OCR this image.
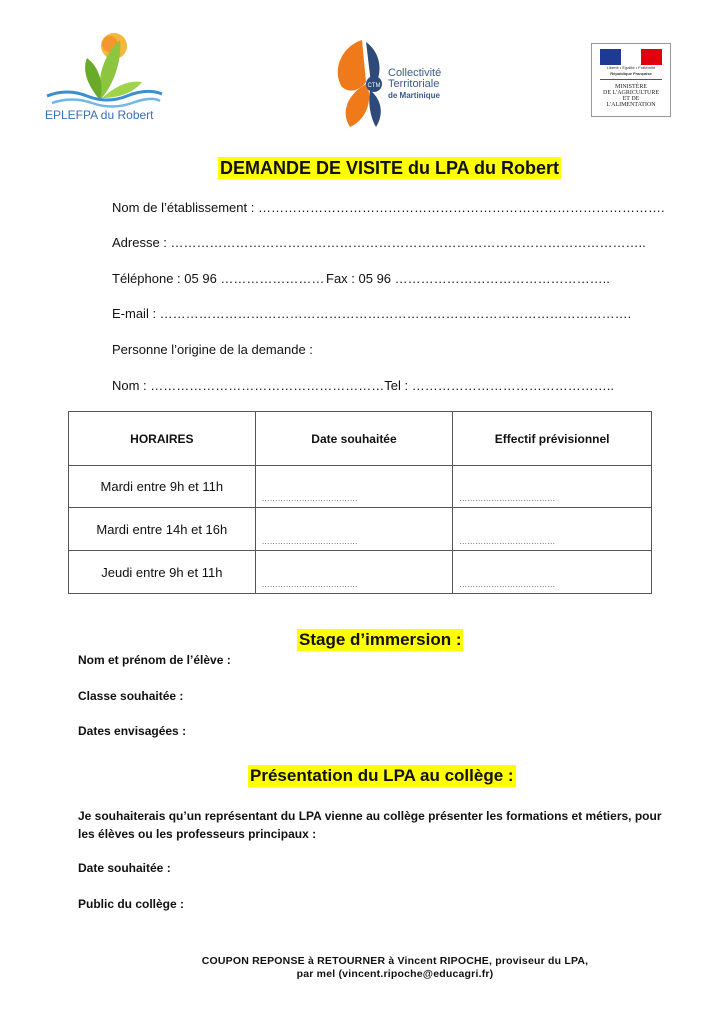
EPLEFPA du Robert
CTM
Collectivité
Territoriale
de Martinique
Liberté • Égalité • Fraternité
République Française
MINISTÈRE
DE L'AGRICULTURE
ET DE
L'ALIMENTATION
DEMANDE DE VISITE du LPA du Robert
Nom de l’établissement : ………………………………………………………………………………….
Adresse : ………………………………………………………………………………………………..
Téléphone : 05 96 …………………… Fax : 05 96 …………………………………………..
E-mail : ……………………………………………………………………………………………….
Personne l’origine de la demande :
Nom : ………………………………………………Tel : ………………………………………..
HORAIRES	Date souhaitée	Effectif prévisionnel
Mardi entre 9h et 11h	………………………………	………………………………

Mardi entre 14h et 16h	………………………………	………………………………

Jeudi entre 9h et 11h	………………………………	………………………………
Stage d’immersion :
Nom et prénom de l’élève :
Classe souhaitée :
Dates envisagées :
Présentation du LPA au collège :
Je souhaiterais qu’un représentant du LPA vienne au collège présenter les formations et métiers, pour les élèves ou les professeurs principaux :
Date souhaitée :
Public du collège :
COUPON REPONSE à RETOURNER à Vincent RIPOCHE, proviseur du LPA,
par mel (vincent.ripoche@educagri.fr)
